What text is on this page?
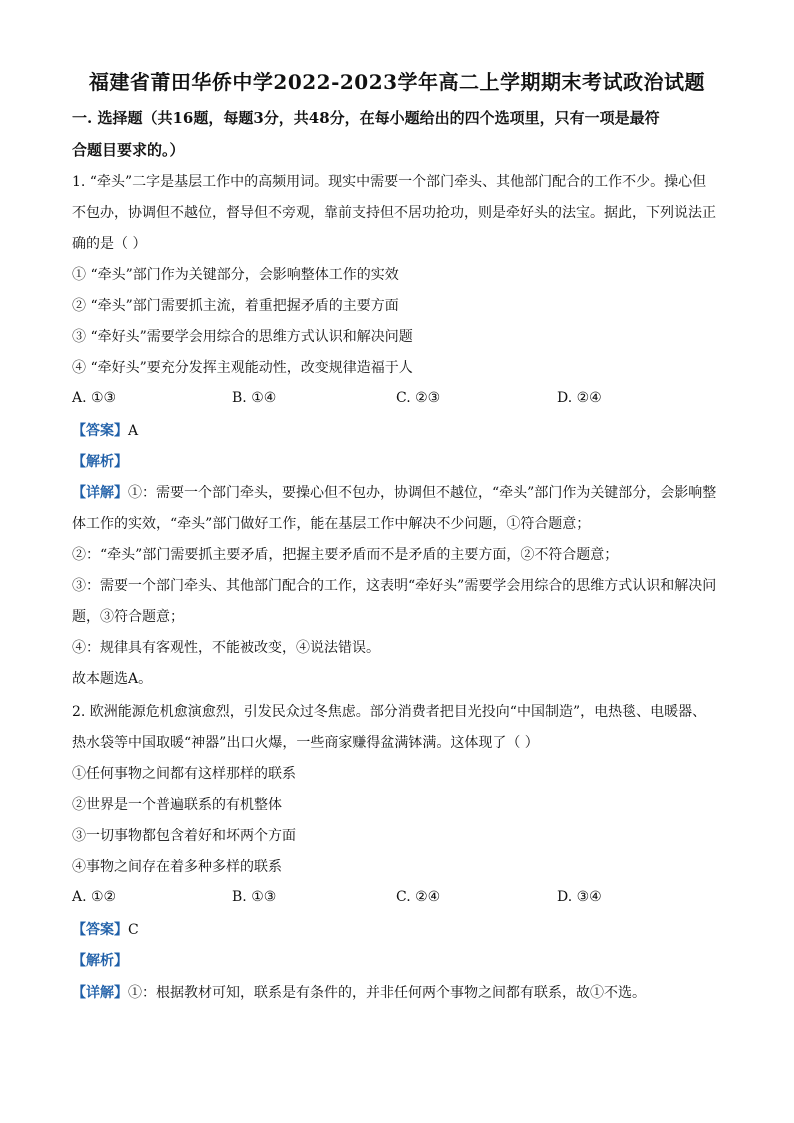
福建省莆田华侨中学2022-2023学年高二上学期期末考试政治试题
一. 选择题（共16题，每题3分，共48分，在每小题给出的四个选项里，只有一项是最符
合题目要求的。）
1. “牵头”二字是基层工作中的高频用词。现实中需要一个部门牵头、其他部门配合的工作不少。操心但
不包办，协调但不越位，督导但不旁观，靠前支持但不居功抢功，则是牵好头的法宝。据此，下列说法正
确的是（ ）
① “牵头”部门作为关键部分，会影响整体工作的实效
② “牵头”部门需要抓主流，着重把握矛盾的主要方面
③ “牵好头”需要学会用综合的思维方式认识和解决问题
④ “牵好头”要充分发挥主观能动性，改变规律造福于人
A. ①③	B. ①④	C. ②③	D. ②④
【答案】A
【解析】
【详解】①：需要一个部门牵头，要操心但不包办，协调但不越位，“牵头”部门作为关键部分，会影响整
体工作的实效，“牵头”部门做好工作，能在基层工作中解决不少问题，①符合题意；
②：“牵头”部门需要抓主要矛盾，把握主要矛盾而不是矛盾的主要方面，②不符合题意；
③：需要一个部门牵头、其他部门配合的工作，这表明“牵好头”需要学会用综合的思维方式认识和解决问
题，③符合题意；
④：规律具有客观性，不能被改变，④说法错误。
故本题选A。
2. 欧洲能源危机愈演愈烈，引发民众过冬焦虑。部分消费者把目光投向“中国制造”，电热毯、电暖器、
热水袋等中国取暖“神器”出口火爆，一些商家赚得盆满钵满。这体现了（ ）
①任何事物之间都有这样那样的联系
②世界是一个普遍联系的有机整体
③一切事物都包含着好和坏两个方面
④事物之间存在着多种多样的联系
A. ①②	B. ①③	C. ②④	D. ③④
【答案】C
【解析】
【详解】①：根据教材可知，联系是有条件的，并非任何两个事物之间都有联系，故①不选。
